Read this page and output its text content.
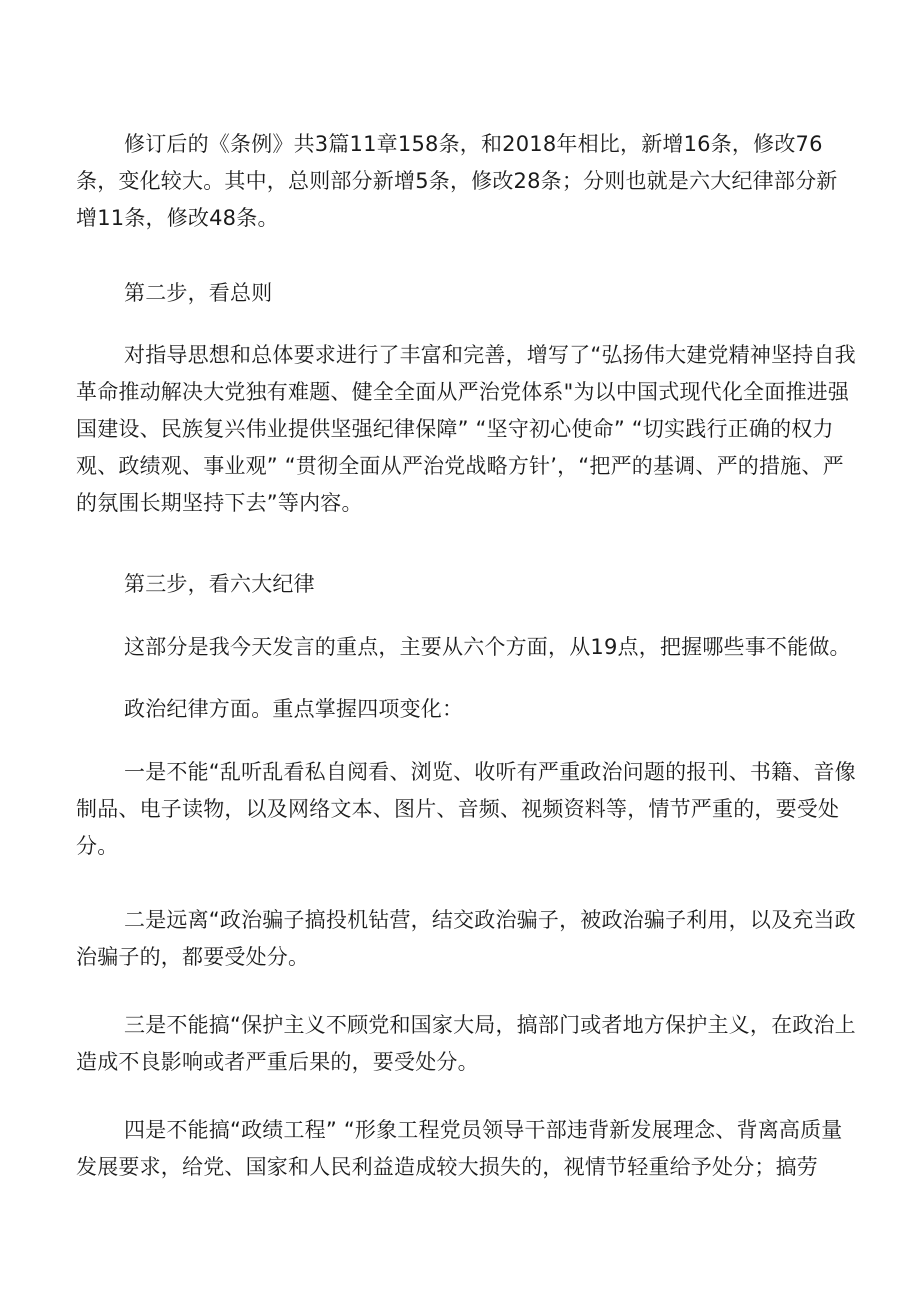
修订后的《条例》共3篇11章158条，和2018年相比，新增16条，修改76条，变化较大。其中，总则部分新增5条，修改28条；分则也就是六大纪律部分新增11条，修改48条。

第二步，看总则

对指导思想和总体要求进行了丰富和完善，增写了“弘扬伟大建党精神坚持自我革命推动解决大党独有难题、健全全面从严治党体系"为以中国式现代化全面推进强国建设、民族复兴伟业提供坚强纪律保障” “坚守初心使命” “切实践行正确的权力观、政绩观、事业观” “贯彻全面从严治党战略方针’，“把严的基调、严的措施、严的氛围长期坚持下去”等内容。

第三步，看六大纪律

这部分是我今天发言的重点，主要从六个方面，从19点，把握哪些事不能做。

政治纪律方面。重点掌握四项变化：

一是不能“乱听乱看私自阅看、浏览、收听有严重政治问题的报刊、书籍、音像制品、电子读物，以及网络文本、图片、音频、视频资料等，情节严重的，要受处分。

二是远离“政治骗子搞投机钻营，结交政治骗子，被政治骗子利用，以及充当政治骗子的，都要受处分。

三是不能搞“保护主义不顾党和国家大局，搞部门或者地方保护主义，在政治上造成不良影响或者严重后果的，要受处分。

四是不能搞“政绩工程” “形象工程党员领导干部违背新发展理念、背离高质量发展要求，给党、国家和人民利益造成较大损失的，视情节轻重给予处分；搞劳
